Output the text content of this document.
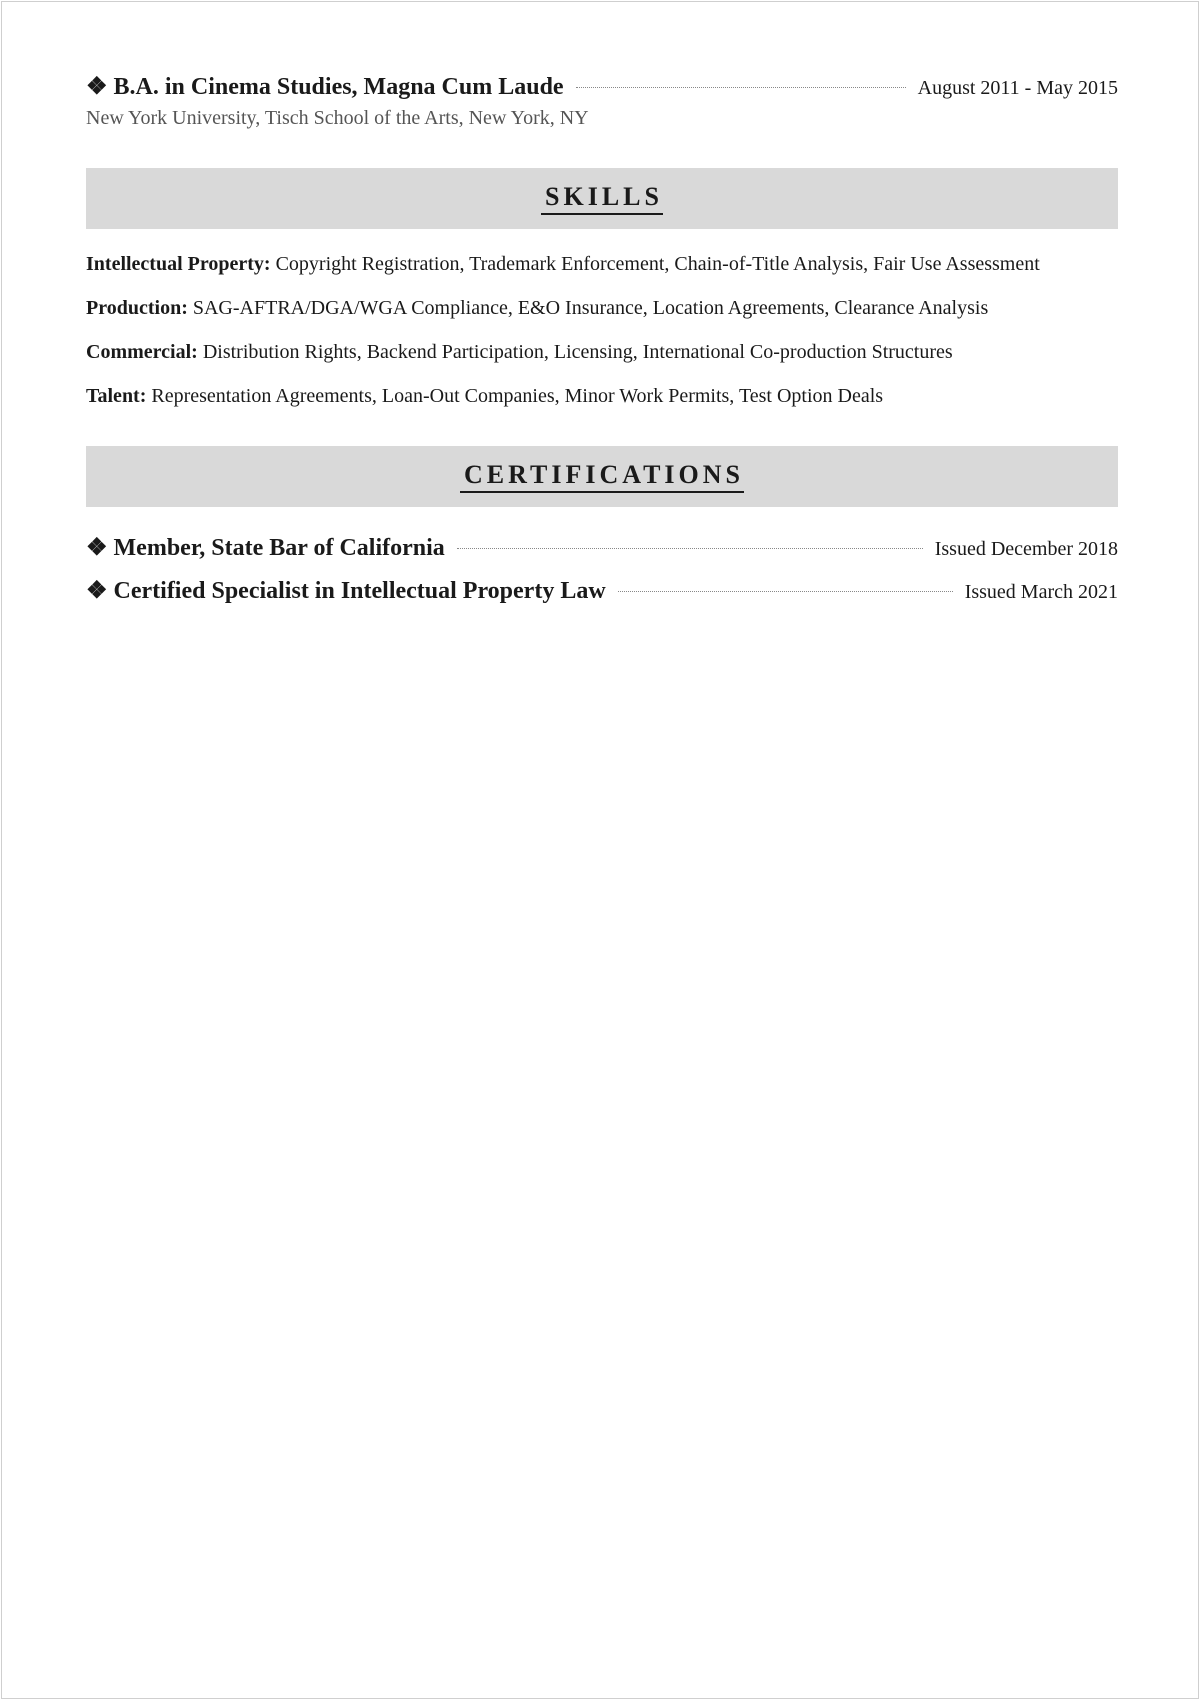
❖ B.A. in Cinema Studies, Magna Cum Laude	August 2011 - May 2015
New York University, Tisch School of the Arts, New York, NY
SKILLS
Intellectual Property: Copyright Registration, Trademark Enforcement, Chain-of-Title Analysis, Fair Use Assessment
Production: SAG-AFTRA/DGA/WGA Compliance, E&O Insurance, Location Agreements, Clearance Analysis
Commercial: Distribution Rights, Backend Participation, Licensing, International Co-production Structures
Talent: Representation Agreements, Loan-Out Companies, Minor Work Permits, Test Option Deals
CERTIFICATIONS
❖ Member, State Bar of California	Issued December 2018
❖ Certified Specialist in Intellectual Property Law	Issued March 2021
